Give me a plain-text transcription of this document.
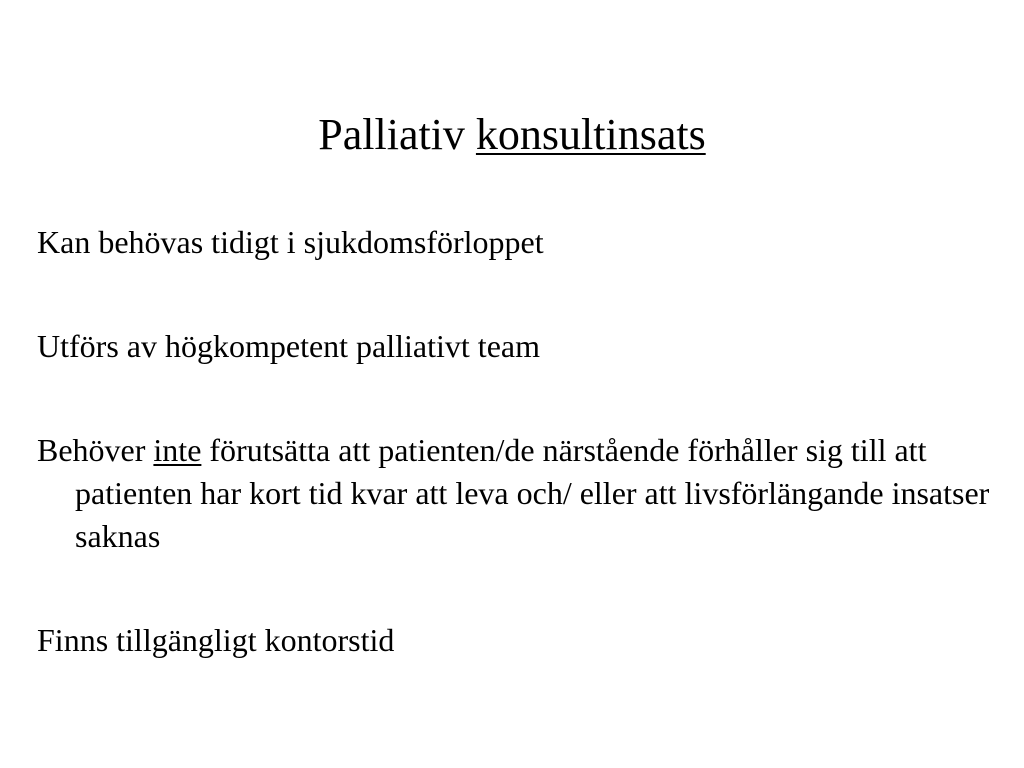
Palliativ konsultinsats
Kan behövas tidigt i sjukdomsförloppet
Utförs av högkompetent palliativt team
Behöver inte förutsätta att patienten/de närstående förhåller sig till att patienten har kort tid kvar att leva och/ eller att livsförlängande insatser saknas
Finns tillgängligt kontorstid
